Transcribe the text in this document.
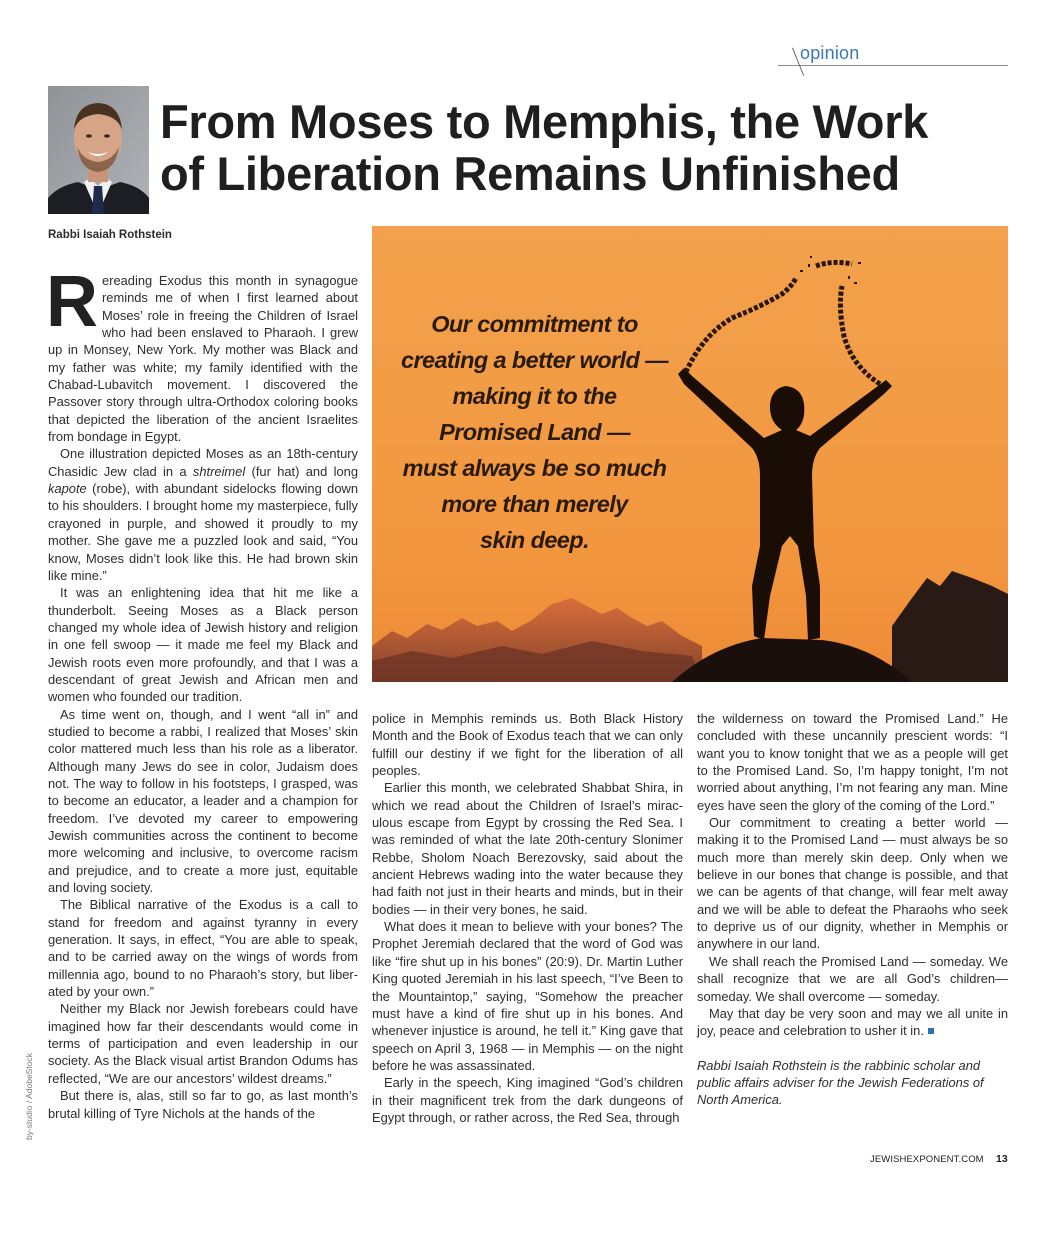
opinion
From Moses to Memphis, the Work
of Liberation Remains Unfinished
Rabbi Isaiah Rothstein
Our commitment to
creating a better world —
making it to the
Promised Land —
must always be so much
more than merely
skin deep.

Rereading Exodus this month in synagogue reminds me of when I first learned about Moses’ role in freeing the Children of Israel who had been enslaved to Pharaoh. I grew up in Monsey, New York. My mother was Black and my father was white; my family identified with the Chabad-Lubavitch movement. I discovered the Passover story through ultra-Orthodox coloring books that depicted the liberation of the ancient Israelites from bondage in Egypt.

One illustration depicted Moses as an 18th-century Chasidic Jew clad in a shtreimel (fur hat) and long kapote (robe), with abundant sidelocks flowing down to his shoulders. I brought home my masterpiece, fully crayoned in purple, and showed it proudly to my mother. She gave me a puzzled look and said, “You know, Moses didn’t look like this. He had brown skin like mine.”

It was an enlightening idea that hit me like a thunderbolt. Seeing Moses as a Black person changed my whole idea of Jewish history and religion in one fell swoop — it made me feel my Black and Jewish roots even more profoundly, and that I was a descendant of great Jewish and African men and women who founded our tradition.

As time went on, though, and I went “all in” and studied to become a rabbi, I realized that Moses’ skin color mattered much less than his role as a liberator. Although many Jews do see in color, Judaism does not. The way to follow in his footsteps, I grasped, was to become an educator, a leader and a champion for freedom. I’ve devoted my career to empowering Jewish communities across the continent to become more welcoming and inclusive, to overcome racism and prejudice, and to create a more just, equitable and loving society.

The Biblical narrative of the Exodus is a call to stand for freedom and against tyranny in every generation. It says, in effect, “You are able to speak, and to be carried away on the wings of words from millennia ago, bound to no Pharaoh’s story, but liber-ated by your own.”

Neither my Black nor Jewish forebears could have imagined how far their descendants would come in terms of participation and even leadership in our society. As the Black visual artist Brandon Odums has reflected, “We are our ancestors’ wildest dreams.”

But there is, alas, still so far to go, as last month’s brutal killing of Tyre Nichols at the hands of the

police in Memphis reminds us. Both Black History Month and the Book of Exodus teach that we can only fulfill our destiny if we fight for the liberation of all peoples.

Earlier this month, we celebrated Shabbat Shira, in which we read about the Children of Israel’s mirac-ulous escape from Egypt by crossing the Red Sea. I was reminded of what the late 20th-century Slonimer Rebbe, Sholom Noach Berezovsky, said about the ancient Hebrews wading into the water because they had faith not just in their hearts and minds, but in their bodies — in their very bones, he said.

What does it mean to believe with your bones? The Prophet Jeremiah declared that the word of God was like “fire shut up in his bones” (20:9). Dr. Martin Luther King quoted Jeremiah in his last speech, “I’ve Been to the Mountaintop,” saying, “Somehow the preacher must have a kind of fire shut up in his bones. And whenever injustice is around, he tell it.” King gave that speech on April 3, 1968 — in Memphis — on the night before he was assassinated.

Early in the speech, King imagined “God’s children in their magnificent trek from the dark dungeons of Egypt through, or rather across, the Red Sea, through

the wilderness on toward the Promised Land.” He concluded with these uncannily prescient words: “I want you to know tonight that we as a people will get to the Promised Land. So, I’m happy tonight, I’m not worried about anything, I’m not fearing any man. Mine eyes have seen the glory of the coming of the Lord.”

Our commitment to creating a better world — making it to the Promised Land — must always be so much more than merely skin deep. Only when we believe in our bones that change is possible, and that we can be agents of that change, will fear melt away and we will be able to defeat the Pharaohs who seek to deprive us of our dignity, whether in Memphis or anywhere in our land.

We shall reach the Promised Land — someday. We shall recognize that we are all God’s children—someday. We shall overcome — someday.

May that day be very soon and may we all unite in joy, peace and celebration to usher it in.

Rabbi Isaiah Rothstein is the rabbinic scholar and public affairs adviser for the Jewish Federations of North America.

by-studio / AdobeStock
JEWISHEXPONENT.COM 13
